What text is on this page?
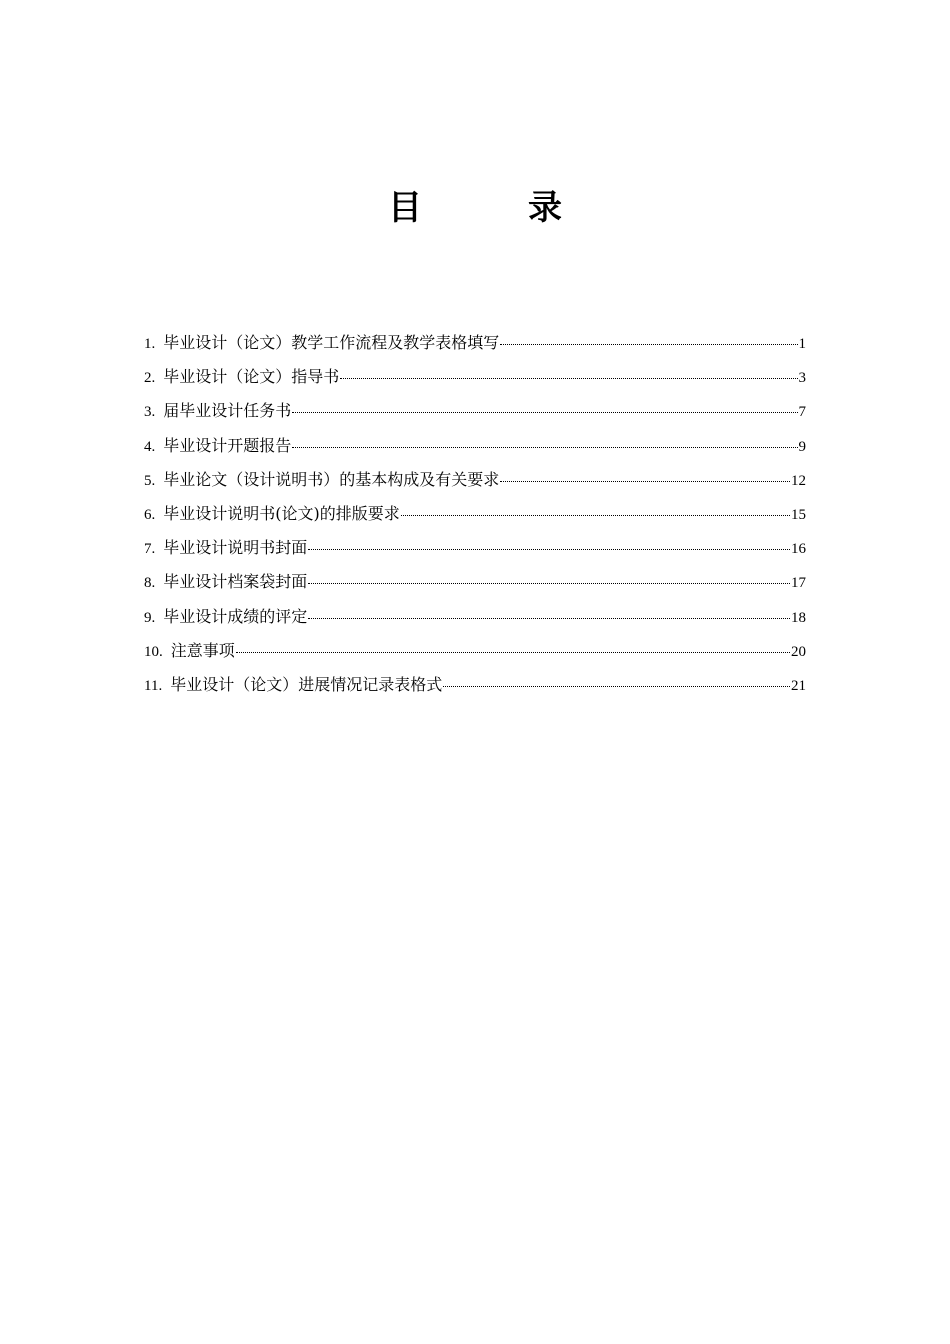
目　录
1. 毕业设计（论文）教学工作流程及教学表格填写	1
2. 毕业设计（论文）指导书	3
3. 届毕业设计任务书	7
4. 毕业设计开题报告	9
5. 毕业论文（设计说明书）的基本构成及有关要求	12
6. 毕业设计说明书(论文)的排版要求	15
7. 毕业设计说明书封面	16
8. 毕业设计档案袋封面	17
9. 毕业设计成绩的评定	18
10. 注意事项	20
11. 毕业设计（论文）进展情况记录表格式	21
